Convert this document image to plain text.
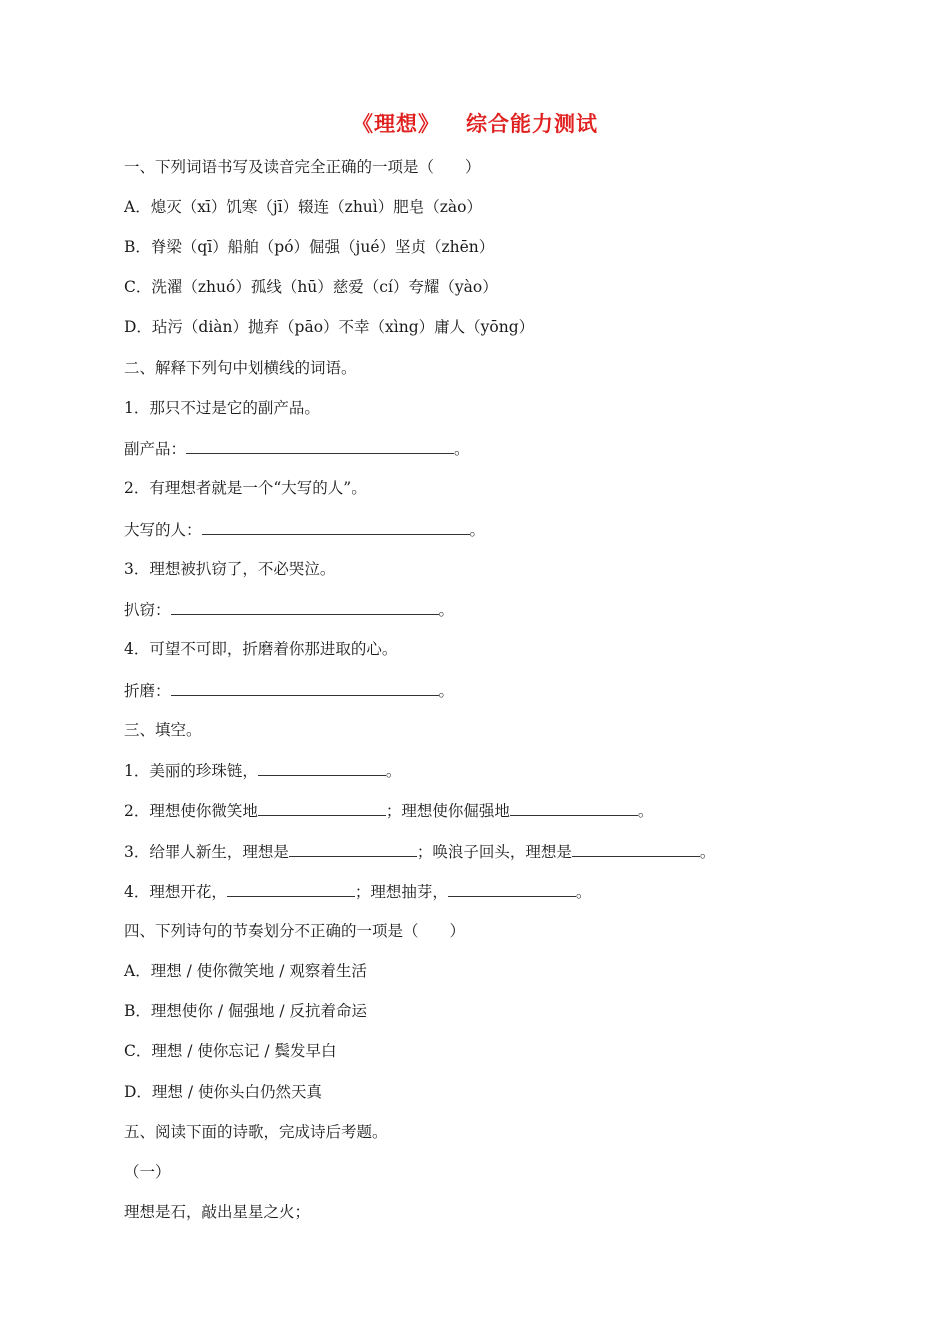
《理想》 综合能力测试
一、下列词语书写及读音完全正确的一项是（　　）
A．熄灭（xī）饥寒（jī）辍连（zhuì）肥皂（zào）
B．脊梁（qī）船舶（pó）倔强（jué）坚贞（zhēn）
C．洗濯（zhuó）孤线（hū）慈爱（cí）夸耀（yào）
D．玷污（diàn）抛弃（pāo）不幸（xìng）庸人（yōng）
二、解释下列句中划横线的词语。
1．那只不过是它的副产品。
副产品：	。
2．有理想者就是一个“大写的人”。
大写的人：	。
3．理想被扒窃了，不必哭泣。
扒窃：	。
4．可望不可即，折磨着你那进取的心。
折磨：	。
三、填空。
1．美丽的珍珠链，	。
2．理想使你微笑地	；理想使你倔强地	。
3．给罪人新生，理想是	；唤浪子回头，理想是	。
4．理想开花，	；理想抽芽，	。
四、下列诗句的节奏划分不正确的一项是（　　）
A．理想 / 使你微笑地 / 观察着生活
B．理想使你 / 倔强地 / 反抗着命运
C．理想 / 使你忘记 / 鬓发早白
D．理想 / 使你头白仍然天真
五、阅读下面的诗歌，完成诗后考题。
（一）
理想是石，敲出星星之火；
